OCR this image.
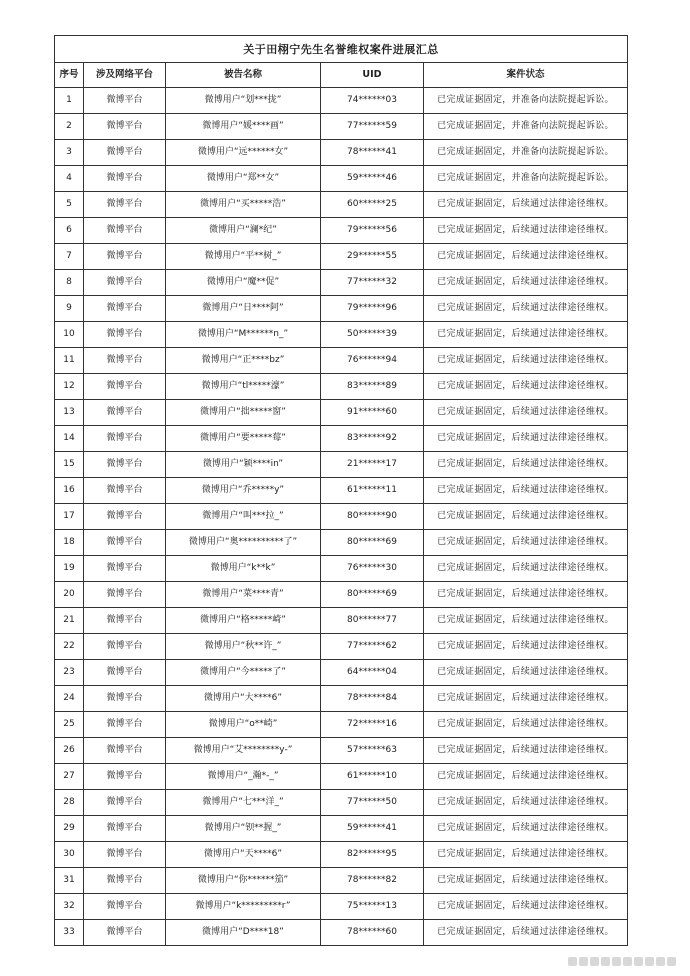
关于田栩宁先生名誉维权案件进展汇总				
序号	涉及网络平台	被告名称	UID	案件状态
1	微博平台	微博用户“划***拢”	74******03	已完成证据固定，并准备向法院提起诉讼。
2	微博平台	微博用户“媛****画”	77******59	已完成证据固定，并准备向法院提起诉讼。
3	微博平台	微博用户“远******女”	78******41	已完成证据固定，并准备向法院提起诉讼。
4	微博平台	微博用户“郑**女”	59******46	已完成证据固定，并准备向法院提起诉讼。
5	微博平台	微博用户“买*****浩”	60******25	已完成证据固定，后续通过法律途径维权。
6	微博平台	微博用户“澜*纪”	79******56	已完成证据固定，后续通过法律途径维权。
7	微博平台	微博用户“平**树_”	29******55	已完成证据固定，后续通过法律途径维权。
8	微博平台	微博用户“魔**促”	77******32	已完成证据固定，后续通过法律途径维权。
9	微博平台	微博用户“日****阿”	79******96	已完成证据固定，后续通过法律途径维权。
10	微博平台	微博用户“M******n_”	50******39	已完成证据固定，后续通过法律途径维权。
11	微博平台	微博用户“正****bz”	76******94	已完成证据固定，后续通过法律途径维权。
12	微博平台	微博用户“tl*****濠”	83******89	已完成证据固定，后续通过法律途径维权。
13	微博平台	微博用户“拙*****窗”	91******60	已完成证据固定，后续通过法律途径维权。
14	微博平台	微博用户“要*****莓”	83******92	已完成证据固定，后续通过法律途径维权。
15	微博平台	微博用户“颖****in”	21******17	已完成证据固定，后续通过法律途径维权。
16	微博平台	微博用户“乔*****y”	61******11	已完成证据固定，后续通过法律途径维权。
17	微博平台	微博用户“叫***拉_”	80******90	已完成证据固定，后续通过法律途径维权。
18	微博平台	微博用户“奥**********了”	80******69	已完成证据固定，后续通过法律途径维权。
19	微博平台	微博用户“k**k”	76******30	已完成证据固定，后续通过法律途径维权。
20	微博平台	微博用户“菜****青”	80******69	已完成证据固定，后续通过法律途径维权。
21	微博平台	微博用户“格*****崎”	80******77	已完成证据固定，后续通过法律途径维权。
22	微博平台	微博用户“秋**许_”	77******62	已完成证据固定，后续通过法律途径维权。
23	微博平台	微博用户“今*****了”	64******04	已完成证据固定，后续通过法律途径维权。
24	微博平台	微博用户“大****6”	78******84	已完成证据固定，后续通过法律途径维权。
25	微博平台	微博用户“o**崎”	72******16	已完成证据固定，后续通过法律途径维权。
26	微博平台	微博用户“艾********y-”	57******63	已完成证据固定，后续通过法律途径维权。
27	微博平台	微博用户“_瀚*-_”	61******10	已完成证据固定，后续通过法律途径维权。
28	微博平台	微博用户“七***洋_”	77******50	已完成证据固定，后续通过法律途径维权。
29	微博平台	微博用户“钡**握_”	59******41	已完成证据固定，后续通过法律途径维权。
30	微博平台	微博用户“天****6”	82******95	已完成证据固定，后续通过法律途径维权。
31	微博平台	微博用户“你******笳”	78******82	已完成证据固定，后续通过法律途径维权。
32	微博平台	微博用户“k*********r”	75******13	已完成证据固定，后续通过法律途径维权。
33	微博平台	微博用户“D****18”	78******60	已完成证据固定，后续通过法律途径维权。
